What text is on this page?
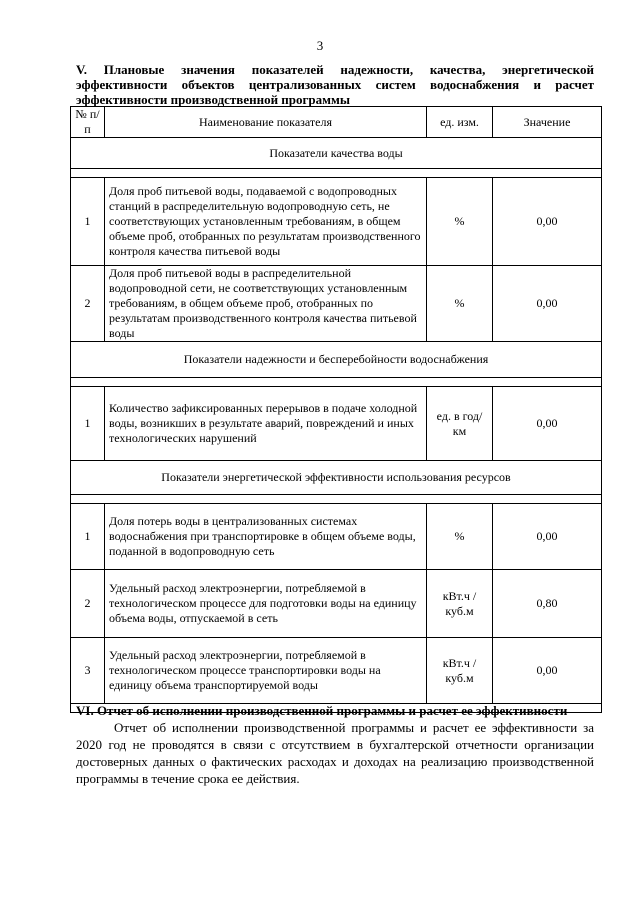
3
V. Плановые значения показателей надежности, качества, энергетической эффективности объектов централизованных систем водоснабжения и расчет эффективности производственной программы
№ п/п	Наименование показателя	ед. изм.	Значение
Показатели качества воды			

1	Доля проб питьевой воды, подаваемой с водопроводных станций в распределительную водопроводную сеть, не соответствующих установленным требованиям, в общем объеме проб, отобранных по результатам производственного контроля качества питьевой воды	%	0,00
2	Доля проб питьевой воды в распределительной водопроводной сети, не соответствующих установленным требованиям, в общем объеме проб, отобранных по результатам производственного контроля качества питьевой воды	%	0,00
Показатели надежности и бесперебойности водоснабжения			

1	Количество зафиксированных перерывов в подаче холодной воды, возникших в результате аварий, повреждений и иных технологических нарушений	ед. в год/ км	0,00
Показатели энергетической эффективности использования ресурсов			

1	Доля потерь воды в централизованных системах водоснабжения при транспортировке в общем объеме воды, поданной в водопроводную сеть	%	0,00
2	Удельный расход электроэнергии, потребляемой в технологическом процессе для подготовки воды на единицу объема воды, отпускаемой в сеть	кВт.ч / куб.м	0,80
3	Удельный расход электроэнергии, потребляемой в технологическом процессе транспортировки воды на единицу объема транспортируемой воды	кВт.ч / куб.м	0,00

VI. Отчет об исполнении производственной программы и расчет ее эффективности
Отчет об исполнении производственной программы и расчет ее эффективности за 2020 год не проводятся в связи с отсутствием в бухгалтерской отчетности организации достоверных данных о фактических расходах и доходах на реализацию производственной программы в течение срока ее действия.
